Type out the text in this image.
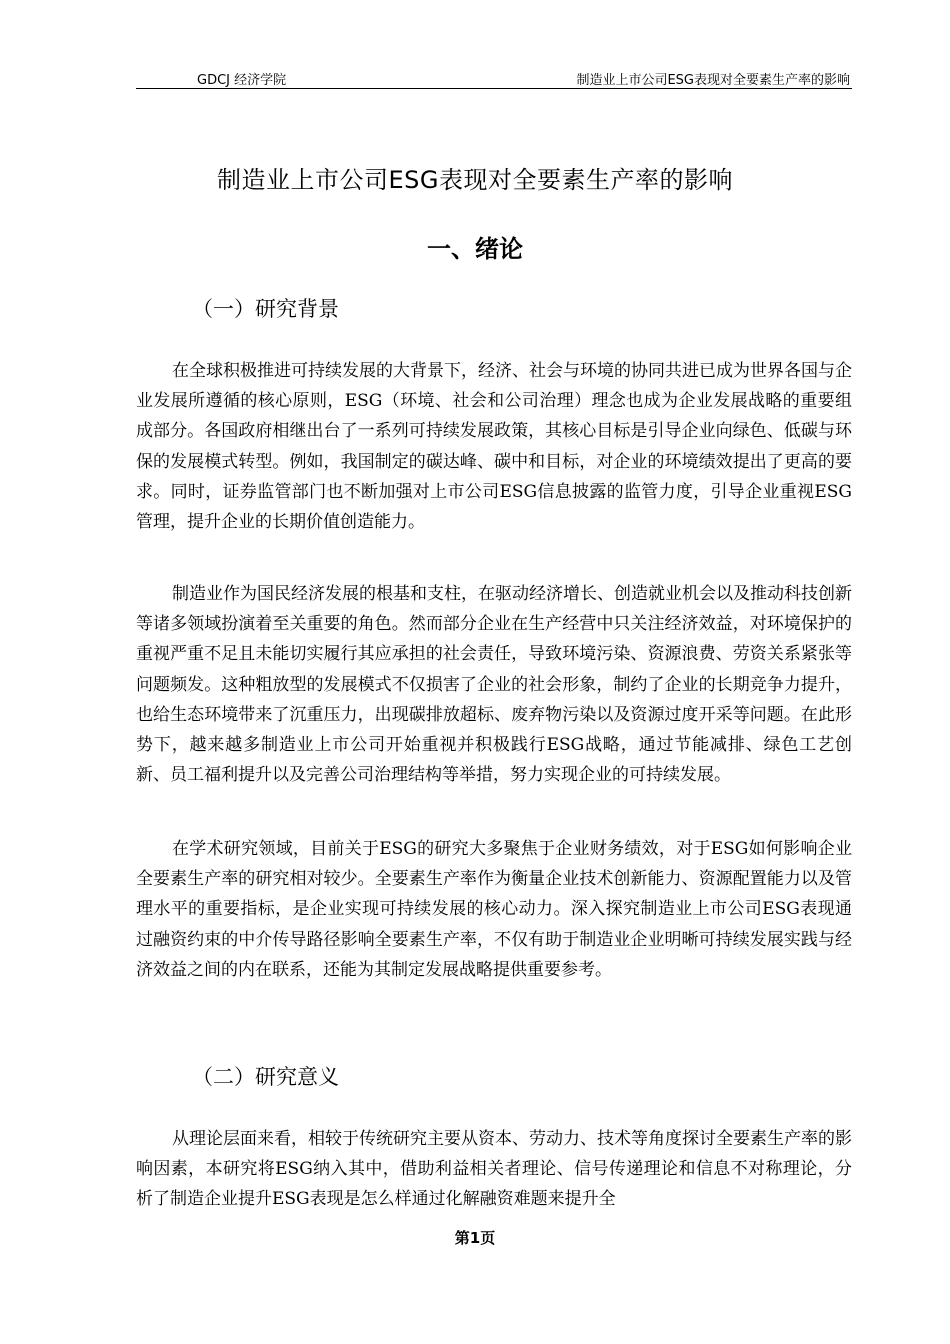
GDCJ 经济学院	制造业上市公司ESG表现对全要素生产率的影响
制造业上市公司ESG表现对全要素生产率的影响
一、绪论
（一）研究背景

在全球积极推进可持续发展的大背景下，经济、社会与环境的协同共进已成为世界各国与企业发展所遵循的核心原则，ESG（环境、社会和公司治理）理念也成为企业发展战略的重要组成部分。各国政府相继出台了一系列可持续发展政策，其核心目标是引导企业向绿色、低碳与环保的发展模式转型。例如，我国制定的碳达峰、碳中和目标，对企业的环境绩效提出了更高的要求。同时，证券监管部门也不断加强对上市公司ESG信息披露的监管力度，引导企业重视ESG管理，提升企业的长期价值创造能力。

制造业作为国民经济发展的根基和支柱，在驱动经济增长、创造就业机会以及推动科技创新等诸多领域扮演着至关重要的角色。然而部分企业在生产经营中只关注经济效益，对环境保护的重视严重不足且未能切实履行其应承担的社会责任，导致环境污染、资源浪费、劳资关系紧张等问题频发。这种粗放型的发展模式不仅损害了企业的社会形象，制约了企业的长期竞争力提升，也给生态环境带来了沉重压力，出现碳排放超标、废弃物污染以及资源过度开采等问题。在此形势下，越来越多制造业上市公司开始重视并积极践行ESG战略，通过节能减排、绿色工艺创新、员工福利提升以及完善公司治理结构等举措，努力实现企业的可持续发展。

在学术研究领域，目前关于ESG的研究大多聚焦于企业财务绩效，对于ESG如何影响企业全要素生产率的研究相对较少。全要素生产率作为衡量企业技术创新能力、资源配置能力以及管理水平的重要指标，是企业实现可持续发展的核心动力。深入探究制造业上市公司ESG表现通过融资约束的中介传导路径影响全要素生产率，不仅有助于制造业企业明晰可持续发展实践与经济效益之间的内在联系，还能为其制定发展战略提供重要参考。

（二）研究意义

从理论层面来看，相较于传统研究主要从资本、劳动力、技术等角度探讨全要素生产率的影响因素，本研究将ESG纳入其中，借助利益相关者理论、信号传递理论和信息不对称理论，分析了制造企业提升ESG表现是怎么样通过化解融资难题来提升全

第1页
